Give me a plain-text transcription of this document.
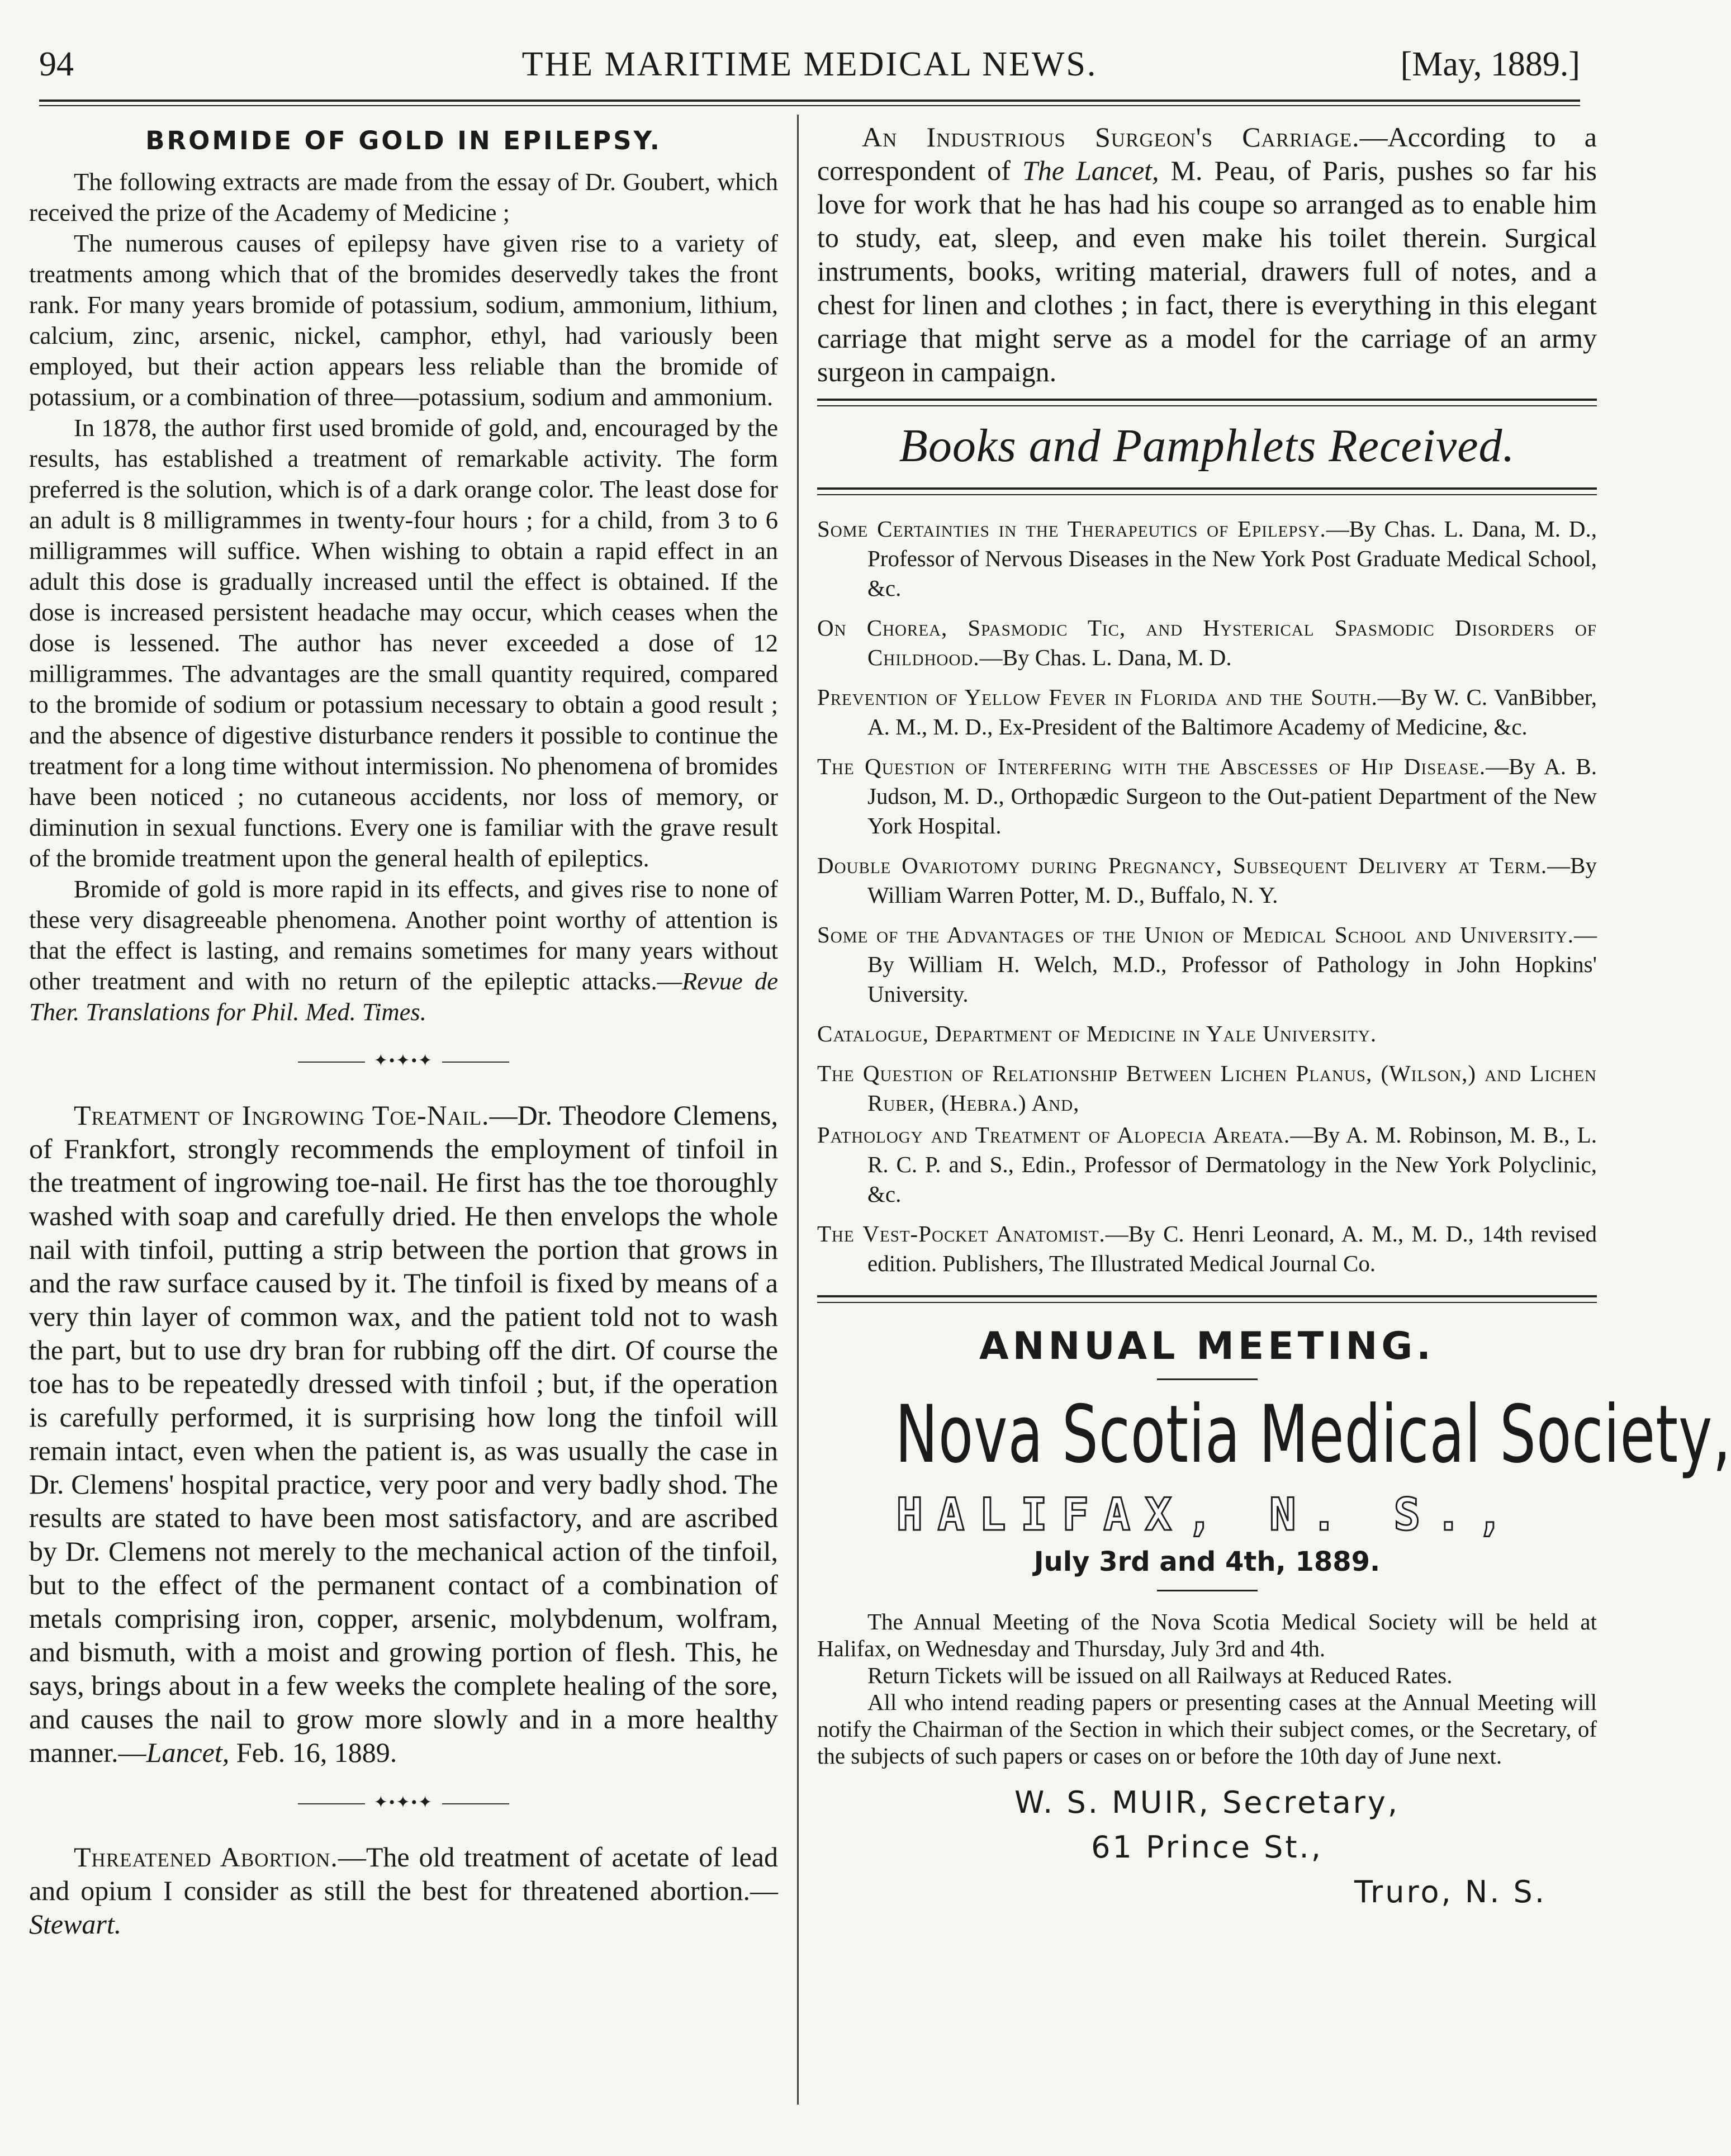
94	THE MARITIME MEDICAL NEWS.	[May, 1889.]
BROMIDE OF GOLD IN EPILEPSY.

The following extracts are made from the essay of Dr. Goubert, which received the prize of the Academy of Medicine ;

The numerous causes of epilepsy have given rise to a variety of treatments among which that of the bromides deservedly takes the front rank. For many years bromide of potassium, sodium, ammonium, lithium, calcium, zinc, arsenic, nickel, camphor, ethyl, had variously been employed, but their action appears less reliable than the bromide of potassium, or a combination of three—potassium, sodium and ammonium.

In 1878, the author first used bromide of gold, and, encouraged by the results, has established a treatment of remarkable activity. The form preferred is the solution, which is of a dark orange color. The least dose for an adult is 8 milligrammes in twenty-four hours ; for a child, from 3 to 6 milligrammes will suffice. When wishing to obtain a rapid effect in an adult this dose is gradually increased until the effect is obtained. If the dose is increased persistent headache may occur, which ceases when the dose is lessened. The author has never exceeded a dose of 12 milligrammes. The advantages are the small quantity required, compared to the bromide of sodium or potassium necessary to obtain a good result ; and the absence of digestive disturbance renders it possible to continue the treatment for a long time without intermission. No phenomena of bromides have been noticed ; no cutaneous accidents, nor loss of memory, or diminution in sexual functions. Every one is familiar with the grave result of the bromide treatment upon the general health of epileptics.

Bromide of gold is more rapid in its effects, and gives rise to none of these very disagreeable phenomena. Another point worthy of attention is that the effect is lasting, and remains sometimes for many years without other treatment and with no return of the epileptic attacks.—Revue de Ther. Translations for Phil. Med. Times.

✦•✦•✦

Treatment of Ingrowing Toe-Nail.—Dr. Theodore Clemens, of Frankfort, strongly recommends the employment of tinfoil in the treatment of ingrowing toe-nail. He first has the toe thoroughly washed with soap and carefully dried. He then envelops the whole nail with tinfoil, putting a strip between the portion that grows in and the raw surface caused by it. The tinfoil is fixed by means of a very thin layer of common wax, and the patient told not to wash the part, but to use dry bran for rubbing off the dirt. Of course the toe has to be repeatedly dressed with tinfoil ; but, if the operation is carefully performed, it is surprising how long the tinfoil will remain intact, even when the patient is, as was usually the case in Dr. Clemens' hospital practice, very poor and very badly shod. The results are stated to have been most satisfactory, and are ascribed by Dr. Clemens not merely to the mechanical action of the tinfoil, but to the effect of the permanent contact of a combination of metals comprising iron, copper, arsenic, molybdenum, wolfram, and bismuth, with a moist and growing portion of flesh. This, he says, brings about in a few weeks the complete healing of the sore, and causes the nail to grow more slowly and in a more healthy manner.—Lancet, Feb. 16, 1889.

✦•✦•✦

Threatened Abortion.—The old treatment of acetate of lead and opium I consider as still the best for threatened abortion.—Stewart.

An Industrious Surgeon's Carriage.—According to a correspondent of The Lancet, M. Peau, of Paris, pushes so far his love for work that he has had his coupe so arranged as to enable him to study, eat, sleep, and even make his toilet therein. Surgical instruments, books, writing material, drawers full of notes, and a chest for linen and clothes ; in fact, there is everything in this elegant carriage that might serve as a model for the carriage of an army surgeon in campaign.

Books and Pamphlets Received.
Some Certainties in the Therapeutics of Epilepsy.—By Chas. L. Dana, M. D., Professor of Nervous Diseases in the New York Post Graduate Medical School, &c.
On Chorea, Spasmodic Tic, and Hysterical Spasmodic Disorders of Childhood.—By Chas. L. Dana, M. D.
Prevention of Yellow Fever in Florida and the South.—By W. C. VanBibber, A. M., M. D., Ex-President of the Baltimore Academy of Medicine, &c.
The Question of Interfering with the Abscesses of Hip Disease.—By A. B. Judson, M. D., Orthopædic Surgeon to the Out-patient Department of the New York Hospital.
Double Ovariotomy during Pregnancy, Subsequent Delivery at Term.—By William Warren Potter, M. D., Buffalo, N. Y.
Some of the Advantages of the Union of Medical School and University.—By William H. Welch, M.D., Professor of Pathology in John Hopkins' University.
Catalogue, Department of Medicine in Yale University.
The Question of Relationship Between Lichen Planus, (Wilson,) and Lichen Ruber, (Hebra.) And,
Pathology and Treatment of Alopecia Areata.—By A. M. Robinson, M. B., L. R. C. P. and S., Edin., Professor of Dermatology in the New York Polyclinic, &c.
The Vest-Pocket Anatomist.—By C. Henri Leonard, A. M., M. D., 14th revised edition. Publishers, The Illustrated Medical Journal Co.
ANNUAL MEETING.
Nova Scotia Medical Society,
HALIFAX, N. S.,
July 3rd and 4th, 1889.

The Annual Meeting of the Nova Scotia Medical Society will be held at Halifax, on Wednesday and Thursday, July 3rd and 4th.

Return Tickets will be issued on all Railways at Reduced Rates.

All who intend reading papers or presenting cases at the Annual Meeting will notify the Chairman of the Section in which their subject comes, or the Secretary, of the subjects of such papers or cases on or before the 10th day of June next.

W. S. MUIR, Secretary,
61 Prince St.,
Truro, N. S.
